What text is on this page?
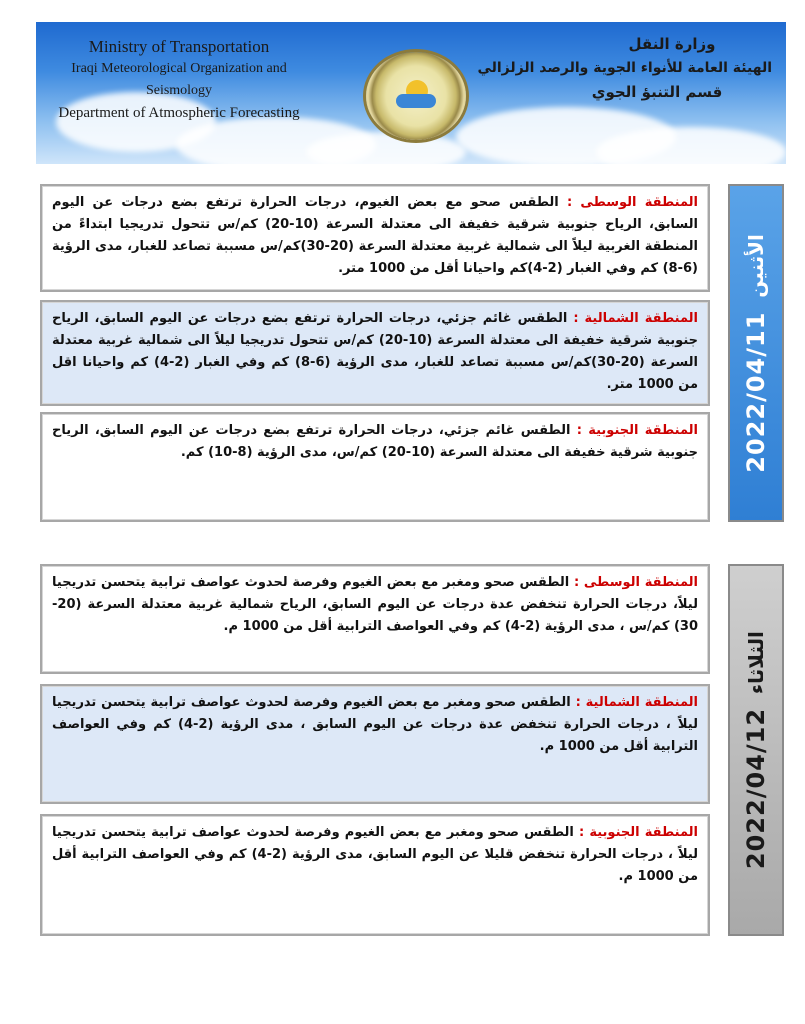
Ministry of Transportation
Iraqi Meteorological Organization and Seismology
Department of Atmospheric Forecasting
وزارة النقل
الهيئة العامة للأنواء الجوية والرصد الزلزالي
قسم التنبؤ الجوي
المنطقة الوسطى : الطقس صحو مع بعض الغيوم، درجات الحرارة ترتفع بضع درجات عن اليوم السابق، الرياح جنوبية شرقية خفيفة الى معتدلة السرعة (10-20) كم/س تتحول تدريجيا ابتداءً من المنطقة الغربية ليلاً الى شمالية غربية معتدلة السرعة (20-30)كم/س مسببة تصاعد للغبار، مدى الرؤية (6-8) كم وفي الغبار (2-4)كم واحيانا أقل من 1000 متر.
المنطقة الشمالية : الطقس غائم جزئي، درجات الحرارة ترتفع بضع درجات عن اليوم السابق، الرياح جنوبية شرقية خفيفة الى معتدلة السرعة (10-20) كم/س تتحول تدريجيا ليلاً الى شمالية غربية معتدلة السرعة (20-30)كم/س مسببة تصاعد للغبار، مدى الرؤية (6-8) كم وفي الغبار (2-4) كم واحيانا اقل من 1000 متر.
المنطقة الجنوبية : الطقس غائم جزئي، درجات الحرارة ترتفع بضع درجات عن اليوم السابق، الرياح جنوبية شرقية خفيفة الى معتدلة السرعة (10-20) كم/س، مدى الرؤية (8-10) كم.	2022/04/11
الأثنين
المنطقة الوسطى : الطقس صحو ومغبر مع بعض الغيوم وفرصة لحدوث عواصف ترابية يتحسن تدريجيا ليلاً، درجات الحرارة تنخفض عدة درجات عن اليوم السابق، الرياح شمالية غربية معتدلة السرعة (20-30) كم/س ، مدى الرؤية (2-4) كم وفي العواصف الترابية أقل من 1000 م.
المنطقة الشمالية : الطقس صحو ومغبر مع بعض الغيوم وفرصة لحدوث عواصف ترابية يتحسن تدريجيا ليلاً ، درجات الحرارة تنخفض عدة درجات عن اليوم السابق ، مدى الرؤية (2-4) كم وفي العواصف الترابية أقل من 1000 م.
المنطقة الجنوبية : الطقس صحو ومغبر مع بعض الغيوم وفرصة لحدوث عواصف ترابية يتحسن تدريجيا ليلاً ، درجات الحرارة تنخفض قليلا عن اليوم السابق، مدى الرؤية (2-4) كم وفي العواصف الترابية أقل من 1000 م.
2022/04/12
الثلاثاء
